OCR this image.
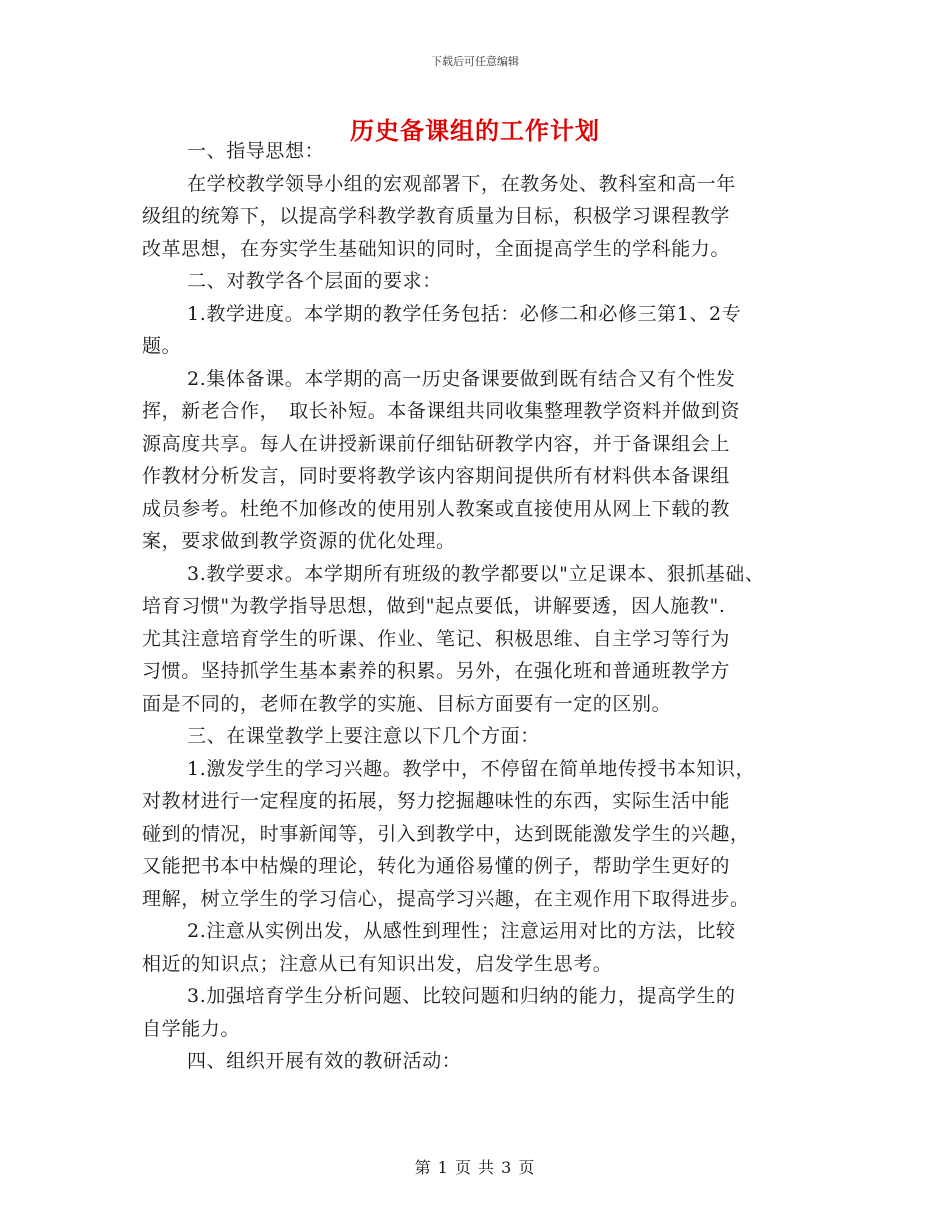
下载后可任意编辑
历史备课组的工作计划
一、指导思想：
在学校教学领导小组的宏观部署下，在教务处、教科室和高一年
级组的统筹下，以提高学科教学教育质量为目标，积极学习课程教学
改革思想，在夯实学生基础知识的同时，全面提高学生的学科能力。
二、对教学各个层面的要求：
1.教学进度。本学期的教学任务包括：必修二和必修三第1、2专
题。
2.集体备课。本学期的高一历史备课要做到既有结合又有个性发
挥，新老合作，　取长补短。本备课组共同收集整理教学资料并做到资
源高度共享。每人在讲授新课前仔细钻研教学内容，并于备课组会上
作教材分析发言，同时要将教学该内容期间提供所有材料供本备课组
成员参考。杜绝不加修改的使用别人教案或直接使用从网上下载的教
案，要求做到教学资源的优化处理。
3.教学要求。本学期所有班级的教学都要以"立足课本、狠抓基础、
培育习惯"为教学指导思想，做到"起点要低，讲解要透，因人施教".
尤其注意培育学生的听课、作业、笔记、积极思维、自主学习等行为
习惯。坚持抓学生基本素养的积累。另外，在强化班和普通班教学方
面是不同的，老师在教学的实施、目标方面要有一定的区别。
三、在课堂教学上要注意以下几个方面：
1.激发学生的学习兴趣。教学中，不停留在简单地传授书本知识，
对教材进行一定程度的拓展，努力挖掘趣味性的东西，实际生活中能
碰到的情况，时事新闻等，引入到教学中，达到既能激发学生的兴趣，
又能把书本中枯燥的理论，转化为通俗易懂的例子，帮助学生更好的
理解，树立学生的学习信心，提高学习兴趣，在主观作用下取得进步。
2.注意从实例出发，从感性到理性；注意运用对比的方法，比较
相近的知识点；注意从已有知识出发，启发学生思考。
3.加强培育学生分析问题、比较问题和归纳的能力，提高学生的
自学能力。
四、组织开展有效的教研活动：
第 1 页 共 3 页
